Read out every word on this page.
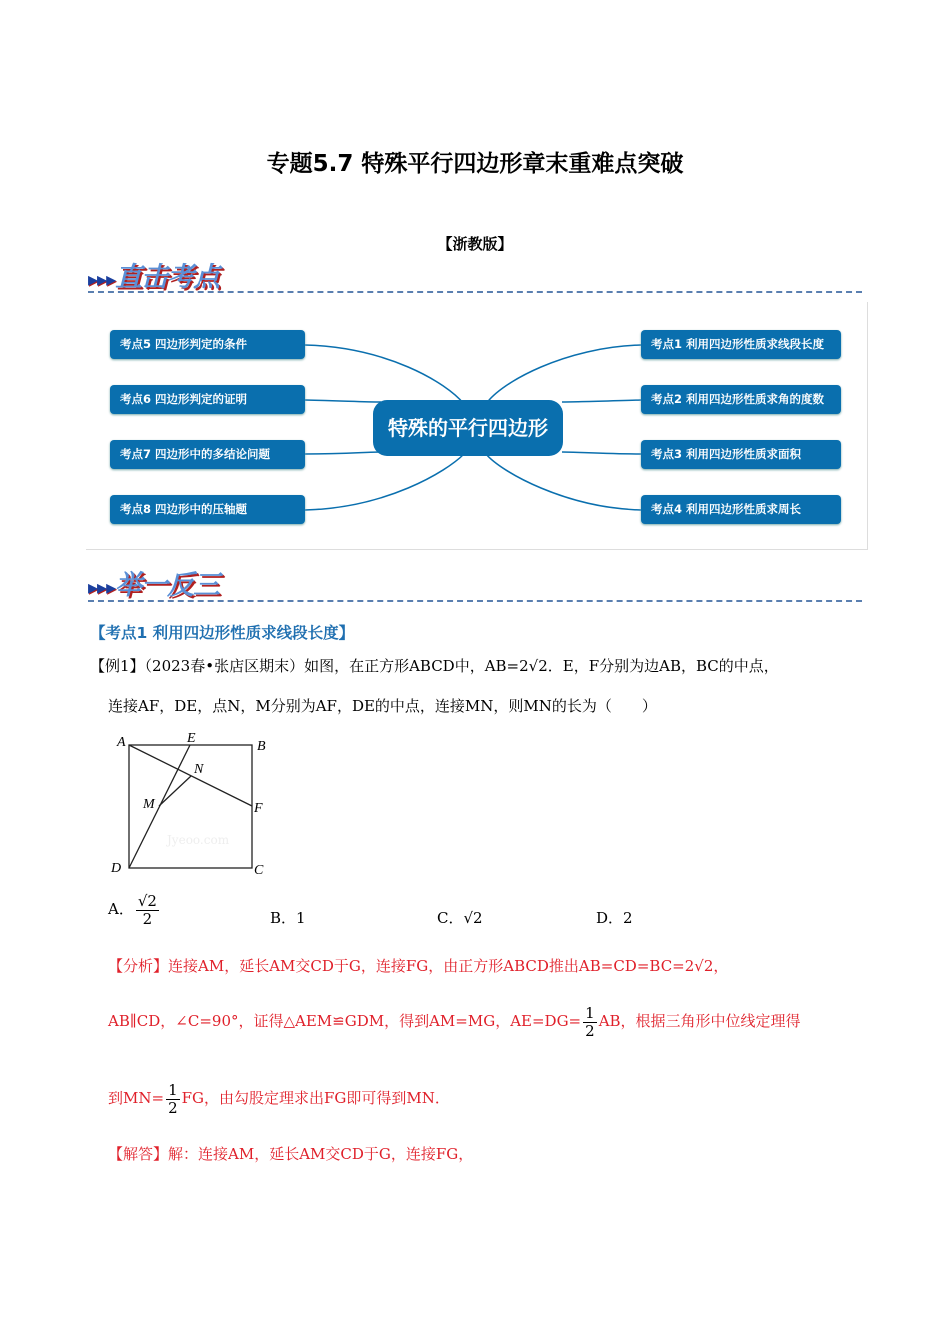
专题5.7 特殊平行四边形章末重难点突破
【浙教版】
▸▸▸直击考点
考点5 四边形判定的条件
考点6 四边形判定的证明
考点7 四边形中的多结论问题
考点8 四边形中的压轴题
特殊的平行四边形
考点1 利用四边形性质求线段长度
考点2 利用四边形性质求角的度数
考点3 利用四边形性质求面积
考点4 利用四边形性质求周长
▸▸▸举一反三
【考点1 利用四边形性质求线段长度】
【例1】（2023春•张店区期末）如图，在正方形ABCD中，AB=2√2．E，F分别为边AB，BC的中点，
连接AF，DE，点N，M分别为AF，DE的中点，连接MN，则MN的长为（　　）
Jyeoo.com
A	E
B
N
M	F
D	C
A． $\frac{√2}{2}$	B．1	C．√2	D．2
【分析】连接AM，延长AM交CD于G，连接FG，由正方形ABCD推出AB=CD=BC=2√2，
AB∥CD，∠C=90°，证得△AEM≌GDM，得到AM=MG，$AE=DG= \frac{1}{2}$ AB，根据三角形中位线定理得
到$MN= \frac{1}{2}$ FG，由勾股定理求出FG即可得到MN．
【解答】解：连接AM，延长AM交CD于G，连接FG，
